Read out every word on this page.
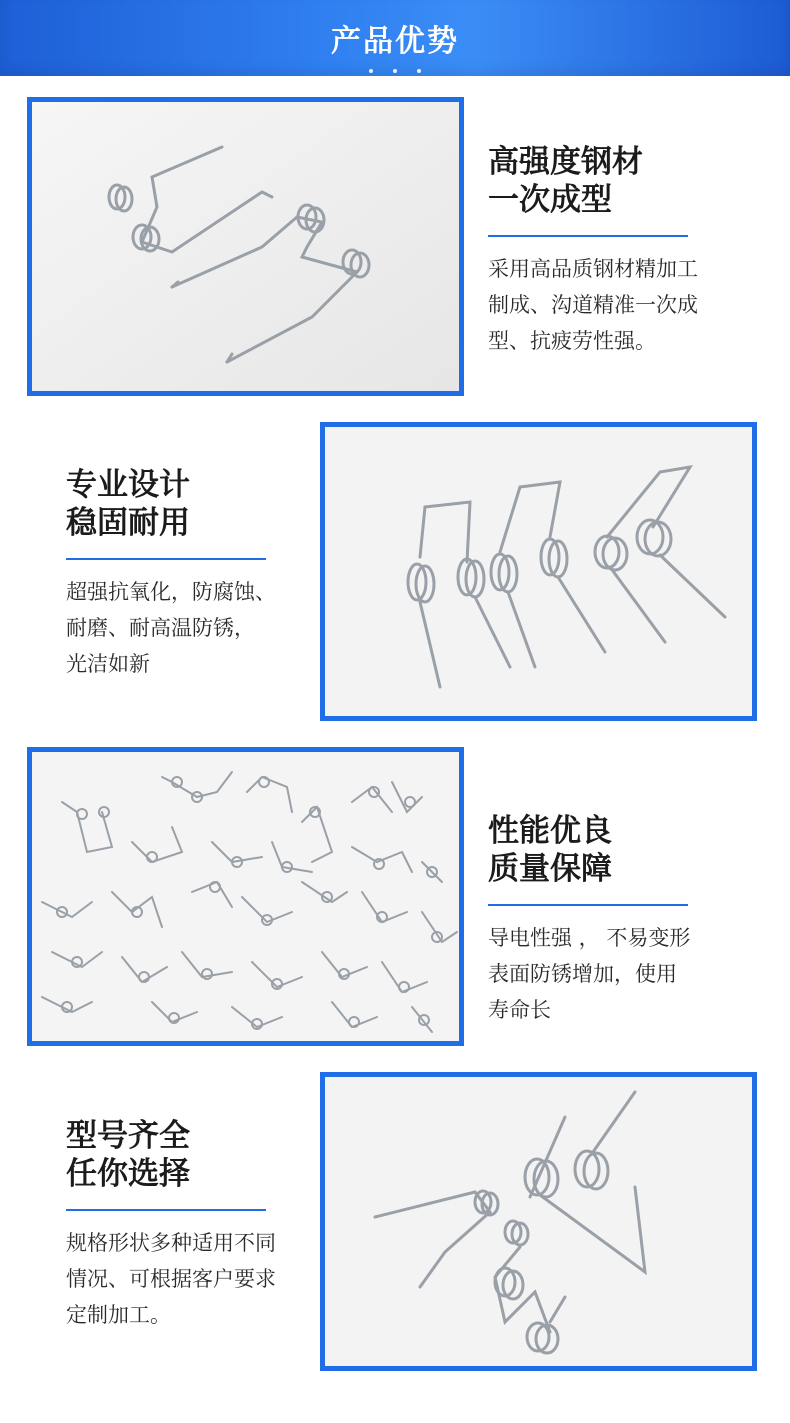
产品优势
高强度钢材
一次成型
采用高品质钢材精加工
制成、沟道精准一次成
型、抗疲劳性强。
专业设计
稳固耐用
超强抗氧化，防腐蚀、
耐磨、耐高温防锈，
光洁如新
性能优良
质量保障
导电性强 ， 不易变形
表面防锈增加，使用
寿命长
型号齐全
任你选择
规格形状多种适用不同
情况、可根据客户要求
定制加工。
